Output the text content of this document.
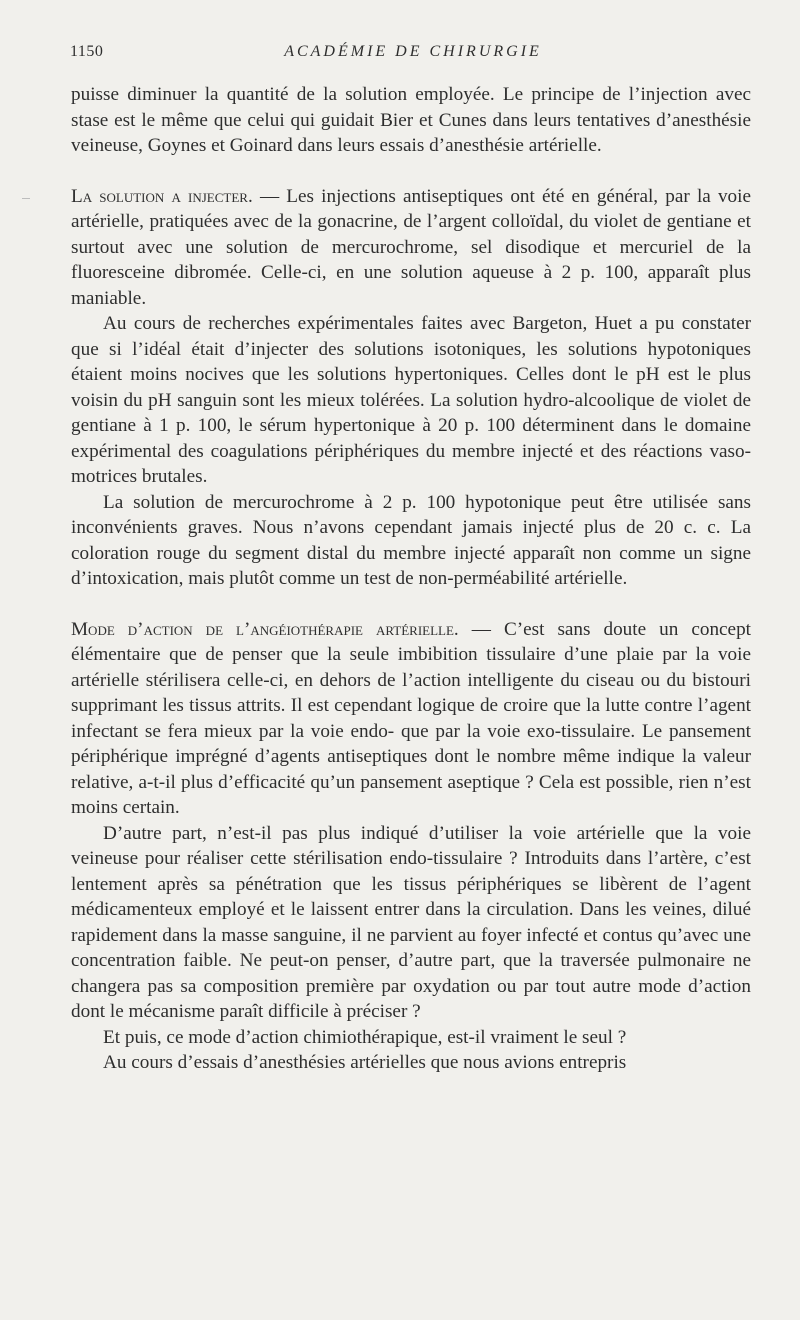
1150	ACADÉMIE DE CHIRURGIE

puisse diminuer la quantité de la solution employée. Le principe de l’injection avec stase est le même que celui qui guidait Bier et Cunes dans leurs tentatives d’anesthésie veineuse, Goynes et Goinard dans leurs essais d’anesthésie artérielle.

La solution a injecter. — Les injections antiseptiques ont été en général, par la voie artérielle, pratiquées avec de la gonacrine, de l’argent colloïdal, du violet de gentiane et surtout avec une solution de mercurochrome, sel disodique et mercuriel de la fluoresceine dibromée. Celle-ci, en une solution aqueuse à 2 p. 100, apparaît plus maniable.

Au cours de recherches expérimentales faites avec Bargeton, Huet a pu constater que si l’idéal était d’injecter des solutions isotoniques, les solutions hypotoniques étaient moins nocives que les solutions hypertoniques. Celles dont le pH est le plus voisin du pH sanguin sont les mieux tolérées. La solution hydro-alcoolique de violet de gentiane à 1 p. 100, le sérum hypertonique à 20 p. 100 déterminent dans le domaine expérimental des coagulations périphériques du membre injecté et des réactions vaso-motrices brutales.

La solution de mercurochrome à 2 p. 100 hypotonique peut être utilisée sans inconvénients graves. Nous n’avons cependant jamais injecté plus de 20 c. c. La coloration rouge du segment distal du membre injecté apparaît non comme un signe d’intoxication, mais plutôt comme un test de non-perméabilité artérielle.

Mode d’action de l’angéiothérapie artérielle. — C’est sans doute un concept élémentaire que de penser que la seule imbibition tissulaire d’une plaie par la voie artérielle stérilisera celle-ci, en dehors de l’action intelligente du ciseau ou du bistouri supprimant les tissus attrits. Il est cependant logique de croire que la lutte contre l’agent infectant se fera mieux par la voie endo- que par la voie exo-tissulaire. Le pansement périphérique imprégné d’agents antiseptiques dont le nombre même indique la valeur relative, a-t-il plus d’efficacité qu’un pansement aseptique ? Cela est possible, rien n’est moins certain.

D’autre part, n’est-il pas plus indiqué d’utiliser la voie artérielle que la voie veineuse pour réaliser cette stérilisation endo-tissulaire ? Introduits dans l’artère, c’est lentement après sa pénétration que les tissus périphériques se libèrent de l’agent médicamenteux employé et le laissent entrer dans la circulation. Dans les veines, dilué rapidement dans la masse sanguine, il ne parvient au foyer infecté et contus qu’avec une concentration faible. Ne peut-on penser, d’autre part, que la traversée pulmonaire ne changera pas sa composition première par oxydation ou par tout autre mode d’action dont le mécanisme paraît difficile à préciser ?

Et puis, ce mode d’action chimiothérapique, est-il vraiment le seul ?

Au cours d’essais d’anesthésies artérielles que nous avions entrepris
